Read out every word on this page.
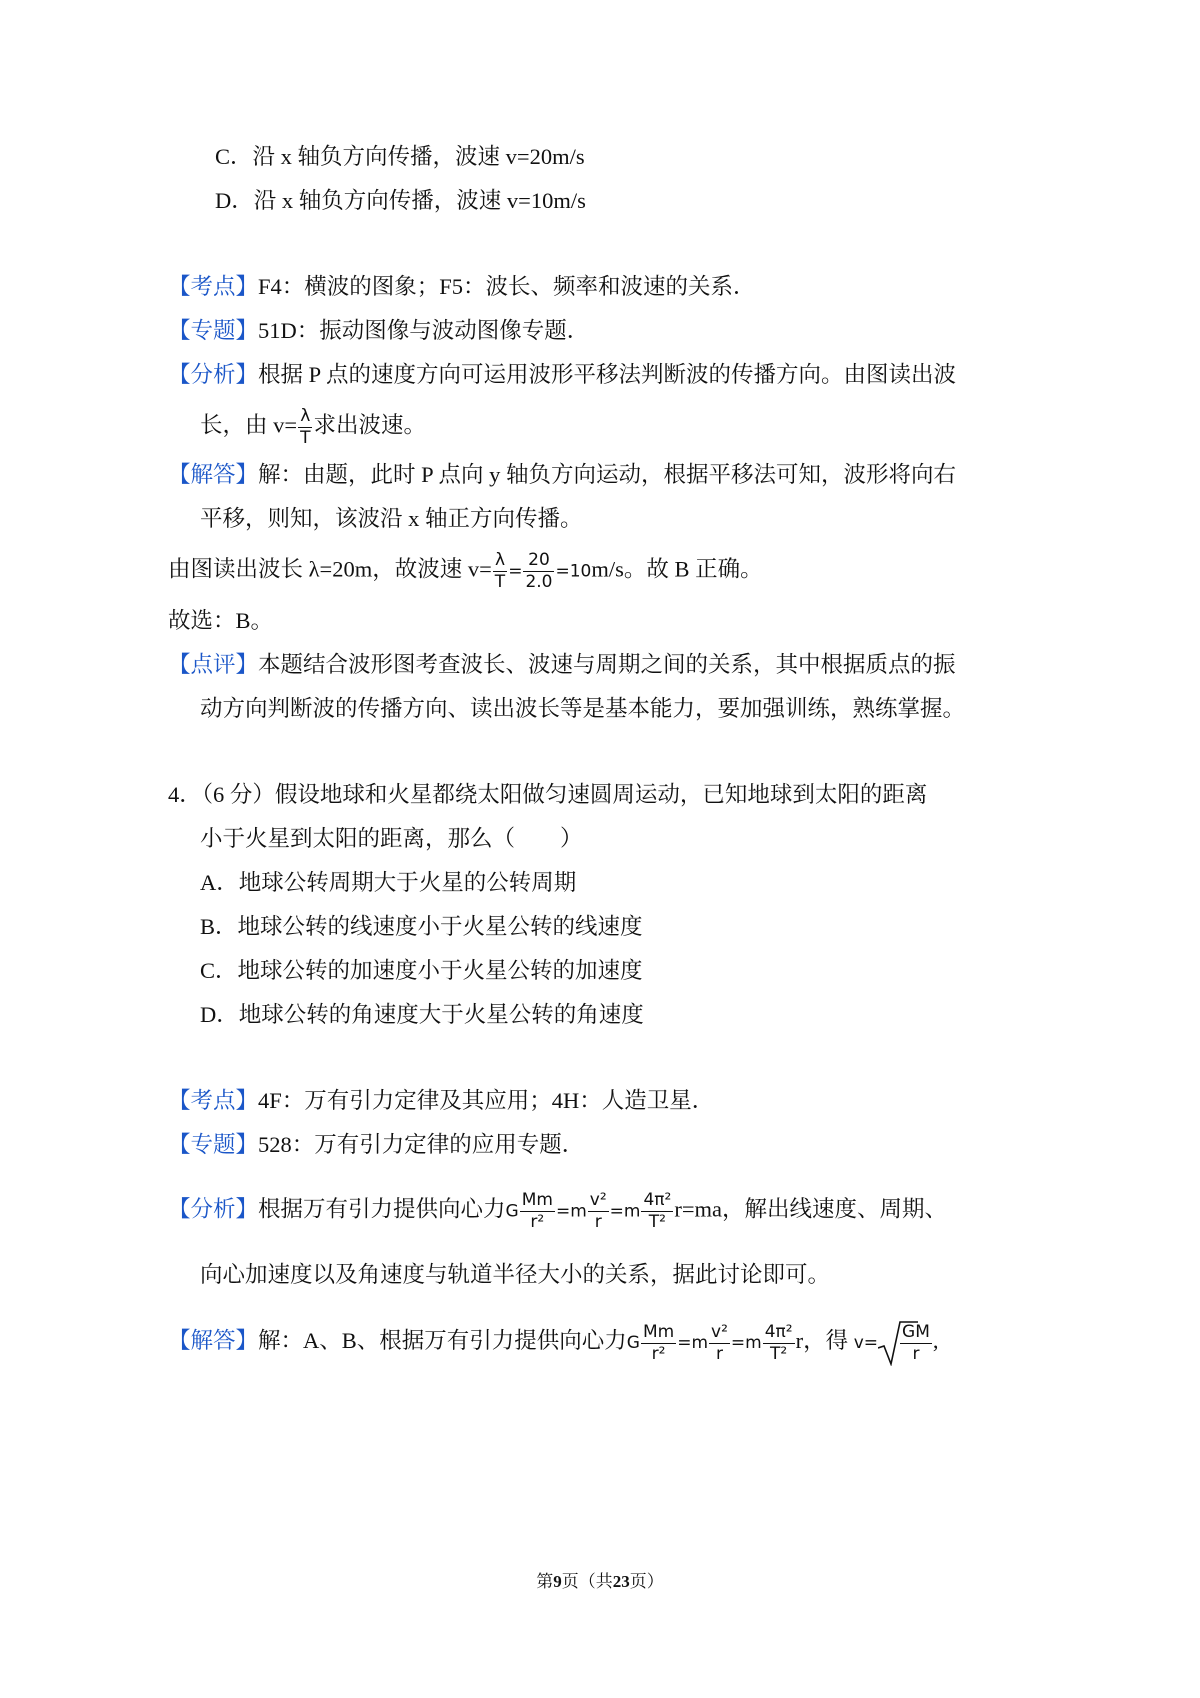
C．沿 x 轴负方向传播，波速 v=20m/s
D．沿 x 轴负方向传播，波速 v=10m/s
【考点】F4：横波的图象；F5：波长、频率和波速的关系．
【专题】51D：振动图像与波动图像专题．
【分析】根据 P 点的速度方向可运用波形平移法判断波的传播方向。由图读出波
长，由 $v= \frac{\lambda}{T}$ 求出波速。
【解答】解：由题，此时 P 点向 y 轴负方向运动，根据平移法可知，波形将向右
平移，则知，该波沿 x 轴正方向传播。
由图读出波长 λ=20m，故波速 $v= \frac{\lambda}{T} = \frac{20}{2.0} =10m/s$。故 B 正确。
故选：B。
【点评】本题结合波形图考查波长、波速与周期之间的关系，其中根据质点的振
动方向判断波的传播方向、读出波长等是基本能力，要加强训练，熟练掌握。
4．（6 分）假设地球和火星都绕太阳做匀速圆周运动，已知地球到太阳的距离
小于火星到太阳的距离，那么（　　）
A．地球公转周期大于火星的公转周期
B．地球公转的线速度小于火星公转的线速度
C．地球公转的加速度小于火星公转的加速度
D．地球公转的角速度大于火星公转的角速度
【考点】4F：万有引力定律及其应用；4H：人造卫星．
【专题】528：万有引力定律的应用专题．
【分析】根据万有引力提供向心力G $\frac{Mm}{\text{r²}} =m \frac{\text{v²}}{r} =m \frac{\text{4π²}}{\text{T²}} r=ma$，解出线速度、周期、
向心加速度以及角速度与轨道半径大小的关系，据此讨论即可。
【解答】解：A、B、根据万有引力提供向心力G $\frac{Mm}{\text{r²}} =m \frac{\text{v²}}{r} =m \frac{\text{4π²}}{\text{T²}}$ r，得 $v= \frac{GM}{r}$ ,
第9页（共23页）
